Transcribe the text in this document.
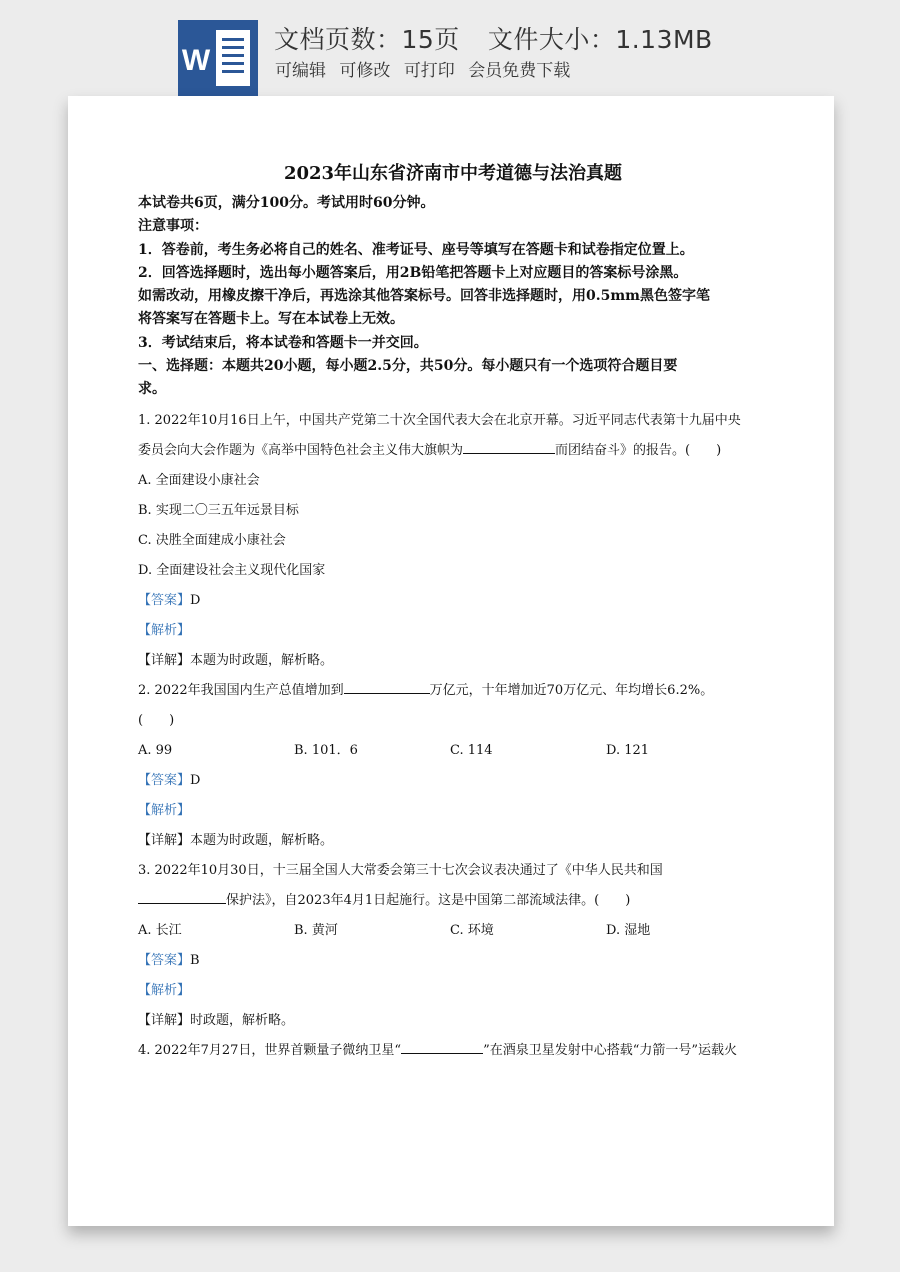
W
文档页数：15页 文件大小：1.13MB
可编辑 可修改 可打印 会员免费下载
2023年山东省济南市中考道德与法治真题
本试卷共6页，满分100分。考试用时60分钟。
注意事项：
1．答卷前，考生务必将自己的姓名、准考证号、座号等填写在答题卡和试卷指定位置上。
2．回答选择题时，选出每小题答案后，用2B铅笔把答题卡上对应题目的答案标号涂黑。
如需改动，用橡皮擦干净后，再选涂其他答案标号。回答非选择题时，用0.5mm黑色签字笔
将答案写在答题卡上。写在本试卷上无效。
3．考试结束后，将本试卷和答题卡一并交回。
一、选择题：本题共20小题，每小题2.5分，共50分。每小题只有一个选项符合题目要
求。
1. 2022年10月16日上午，中国共产党第二十次全国代表大会在北京开幕。习近平同志代表第十九届中央
委员会向大会作题为《高举中国特色社会主义伟大旗帜为	而团结奋斗》的报告。(　　)
A. 全面建设小康社会
B. 实现二〇三五年远景目标
C. 决胜全面建成小康社会
D. 全面建设社会主义现代化国家
【答案】D
【解析】
【详解】本题为时政题，解析略。
2. 2022年我国国内生产总值增加到	万亿元，十年增加近70万亿元、年均增长6.2%。
(　　)
A. 99	B. 101．6	C. 114	D. 121
【答案】D
【解析】
【详解】本题为时政题，解析略。
3. 2022年10月30日，十三届全国人大常委会第三十七次会议表决通过了《中华人民共和国
保护法》，自2023年4月1日起施行。这是中国第二部流域法律。(　　)
A. 长江	B. 黄河	C. 环境	D. 湿地
【答案】B
【解析】
【详解】时政题，解析略。
4. 2022年7月27日，世界首颗量子微纳卫星“	”在酒泉卫星发射中心搭载“力箭一号”运载火
